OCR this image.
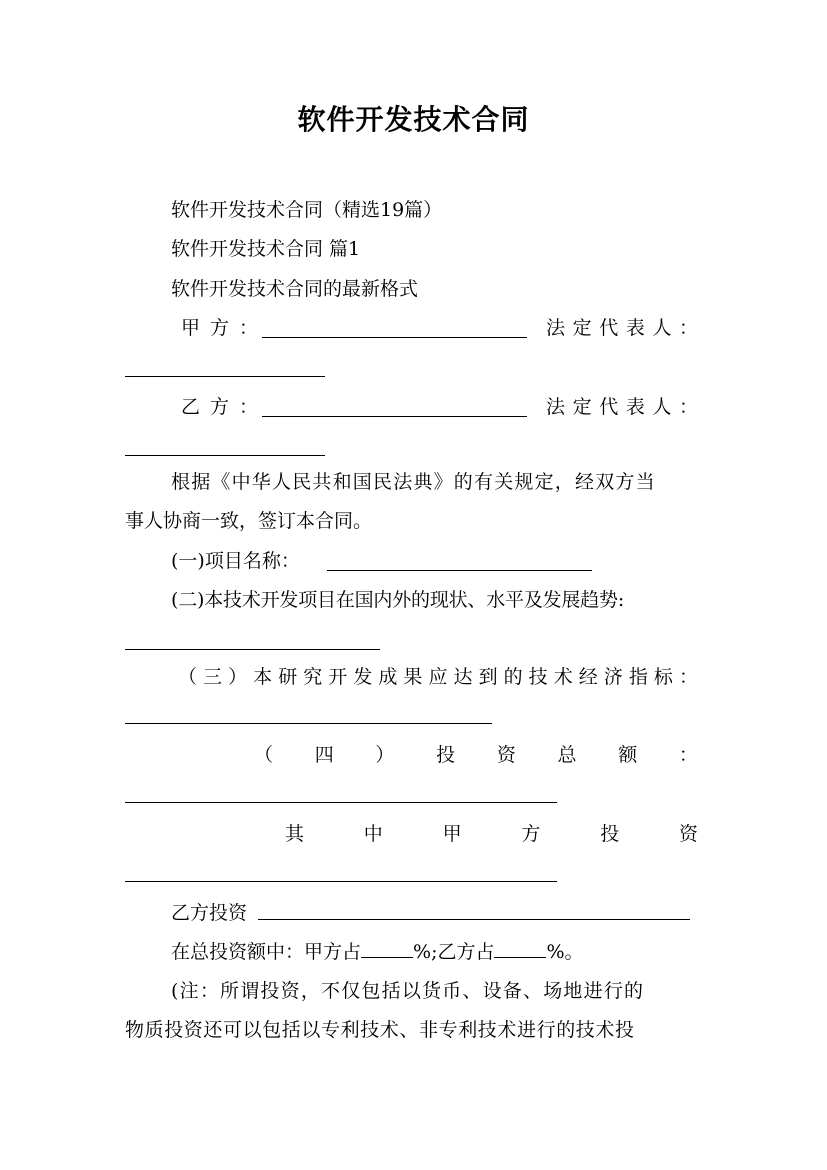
软件开发技术合同
软件开发技术合同（精选19篇）
软件开发技术合同 篇1
软件开发技术合同的最新格式
甲方：	法 定 代 表 人 ：
乙方：	法 定 代 表 人 ：
根据《中华人民共和国民法典》的有关规定，经双方当
事人协商一致，签订本合同。
(一)项目名称：
(二)本技术开发项目在国内外的现状、水平及发展趋势:
（ 三 ） 本 研 究 开 发 成 果 应 达 到 的 技 术 经 济 指 标 ：
（ 四 ） 投 资 总 额 ：
其	中	甲	方	投	资
乙方投资
在总投资额中：甲方占	%;乙方占	%。
(注：所谓投资，不仅包括以货币、设备、场地进行的
物质投资还可以包括以专利技术、非专利技术进行的技术投
